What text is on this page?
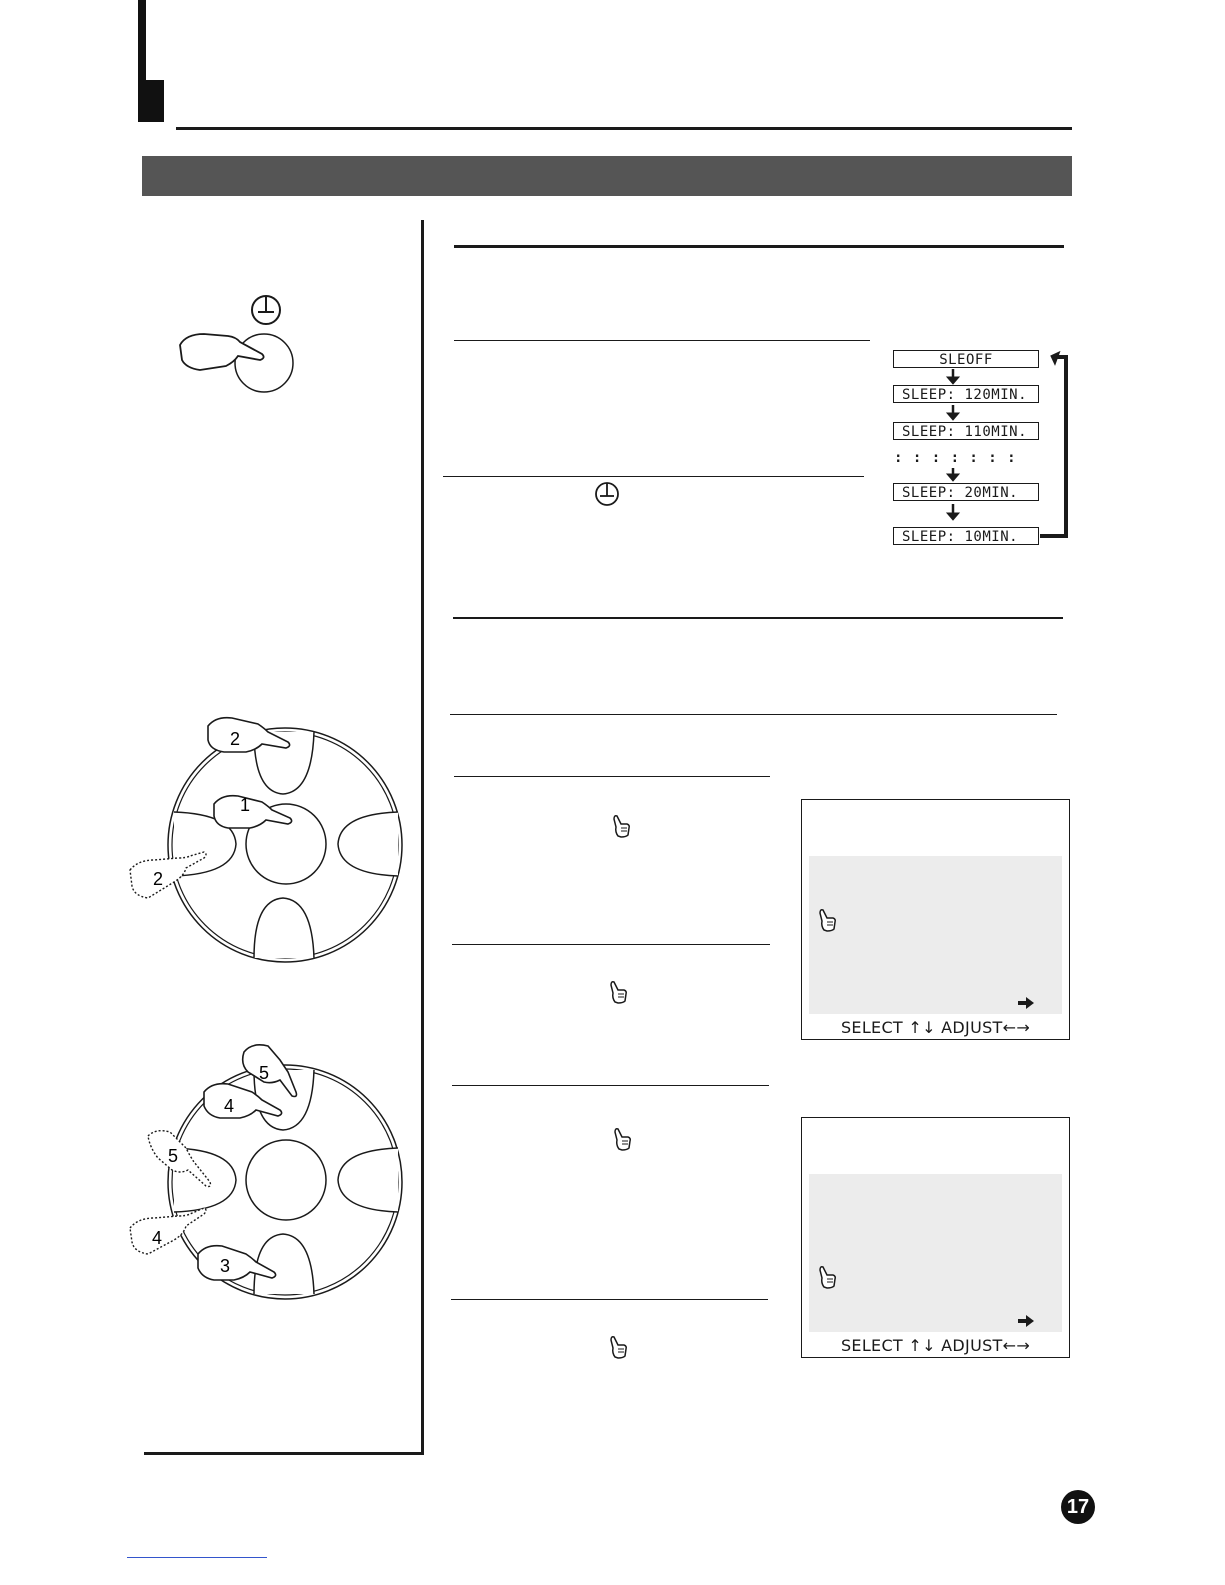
SLEOFF
SLEEP: 120MIN.
SLEEP: 110MIN.
: : : : : : :
SLEEP: 20MIN.
SLEEP: 10MIN.
2
1
2
5
4
5
4
3
SELECT ↑↓ ADJUST←→
SELECT ↑↓ ADJUST←→
17
